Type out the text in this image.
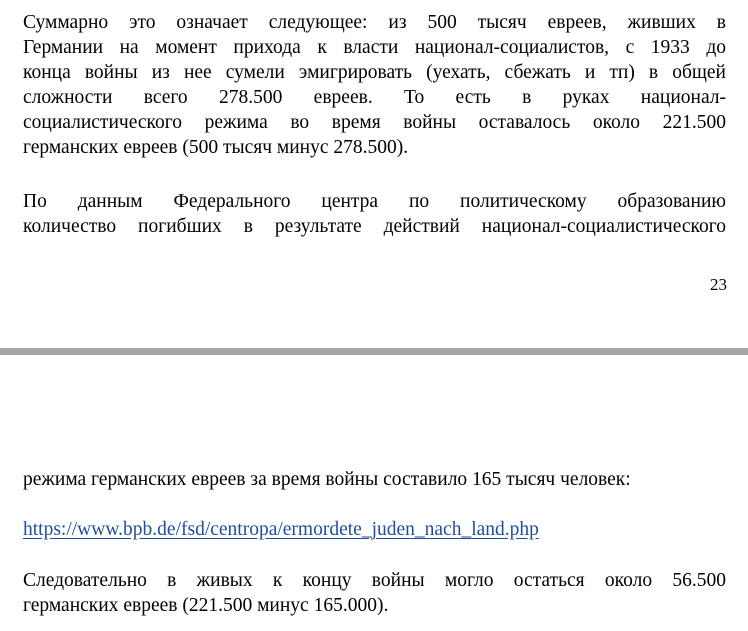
Суммарно это означает следующее: из 500 тысяч евреев, живших в
Германии на момент прихода к власти национал-социалистов, с 1933 до
конца войны из нее сумели эмигрировать (уехать, сбежать и тп) в общей
сложности всего 278.500 евреев. То есть в руках национал-
социалистического режима во время войны оставалось около 221.500
германских евреев (500 тысяч минус 278.500).

По данным Федерального центра по политическому образованию
количество погибших в результате действий национал-социалистического

23

режима германских евреев за время войны составило 165 тысяч человек:

https://www.bpb.de/fsd/centropa/ermordete_juden_nach_land.php

Следовательно в живых к концу войны могло остаться около 56.500
германских евреев (221.500 минус 165.000).
